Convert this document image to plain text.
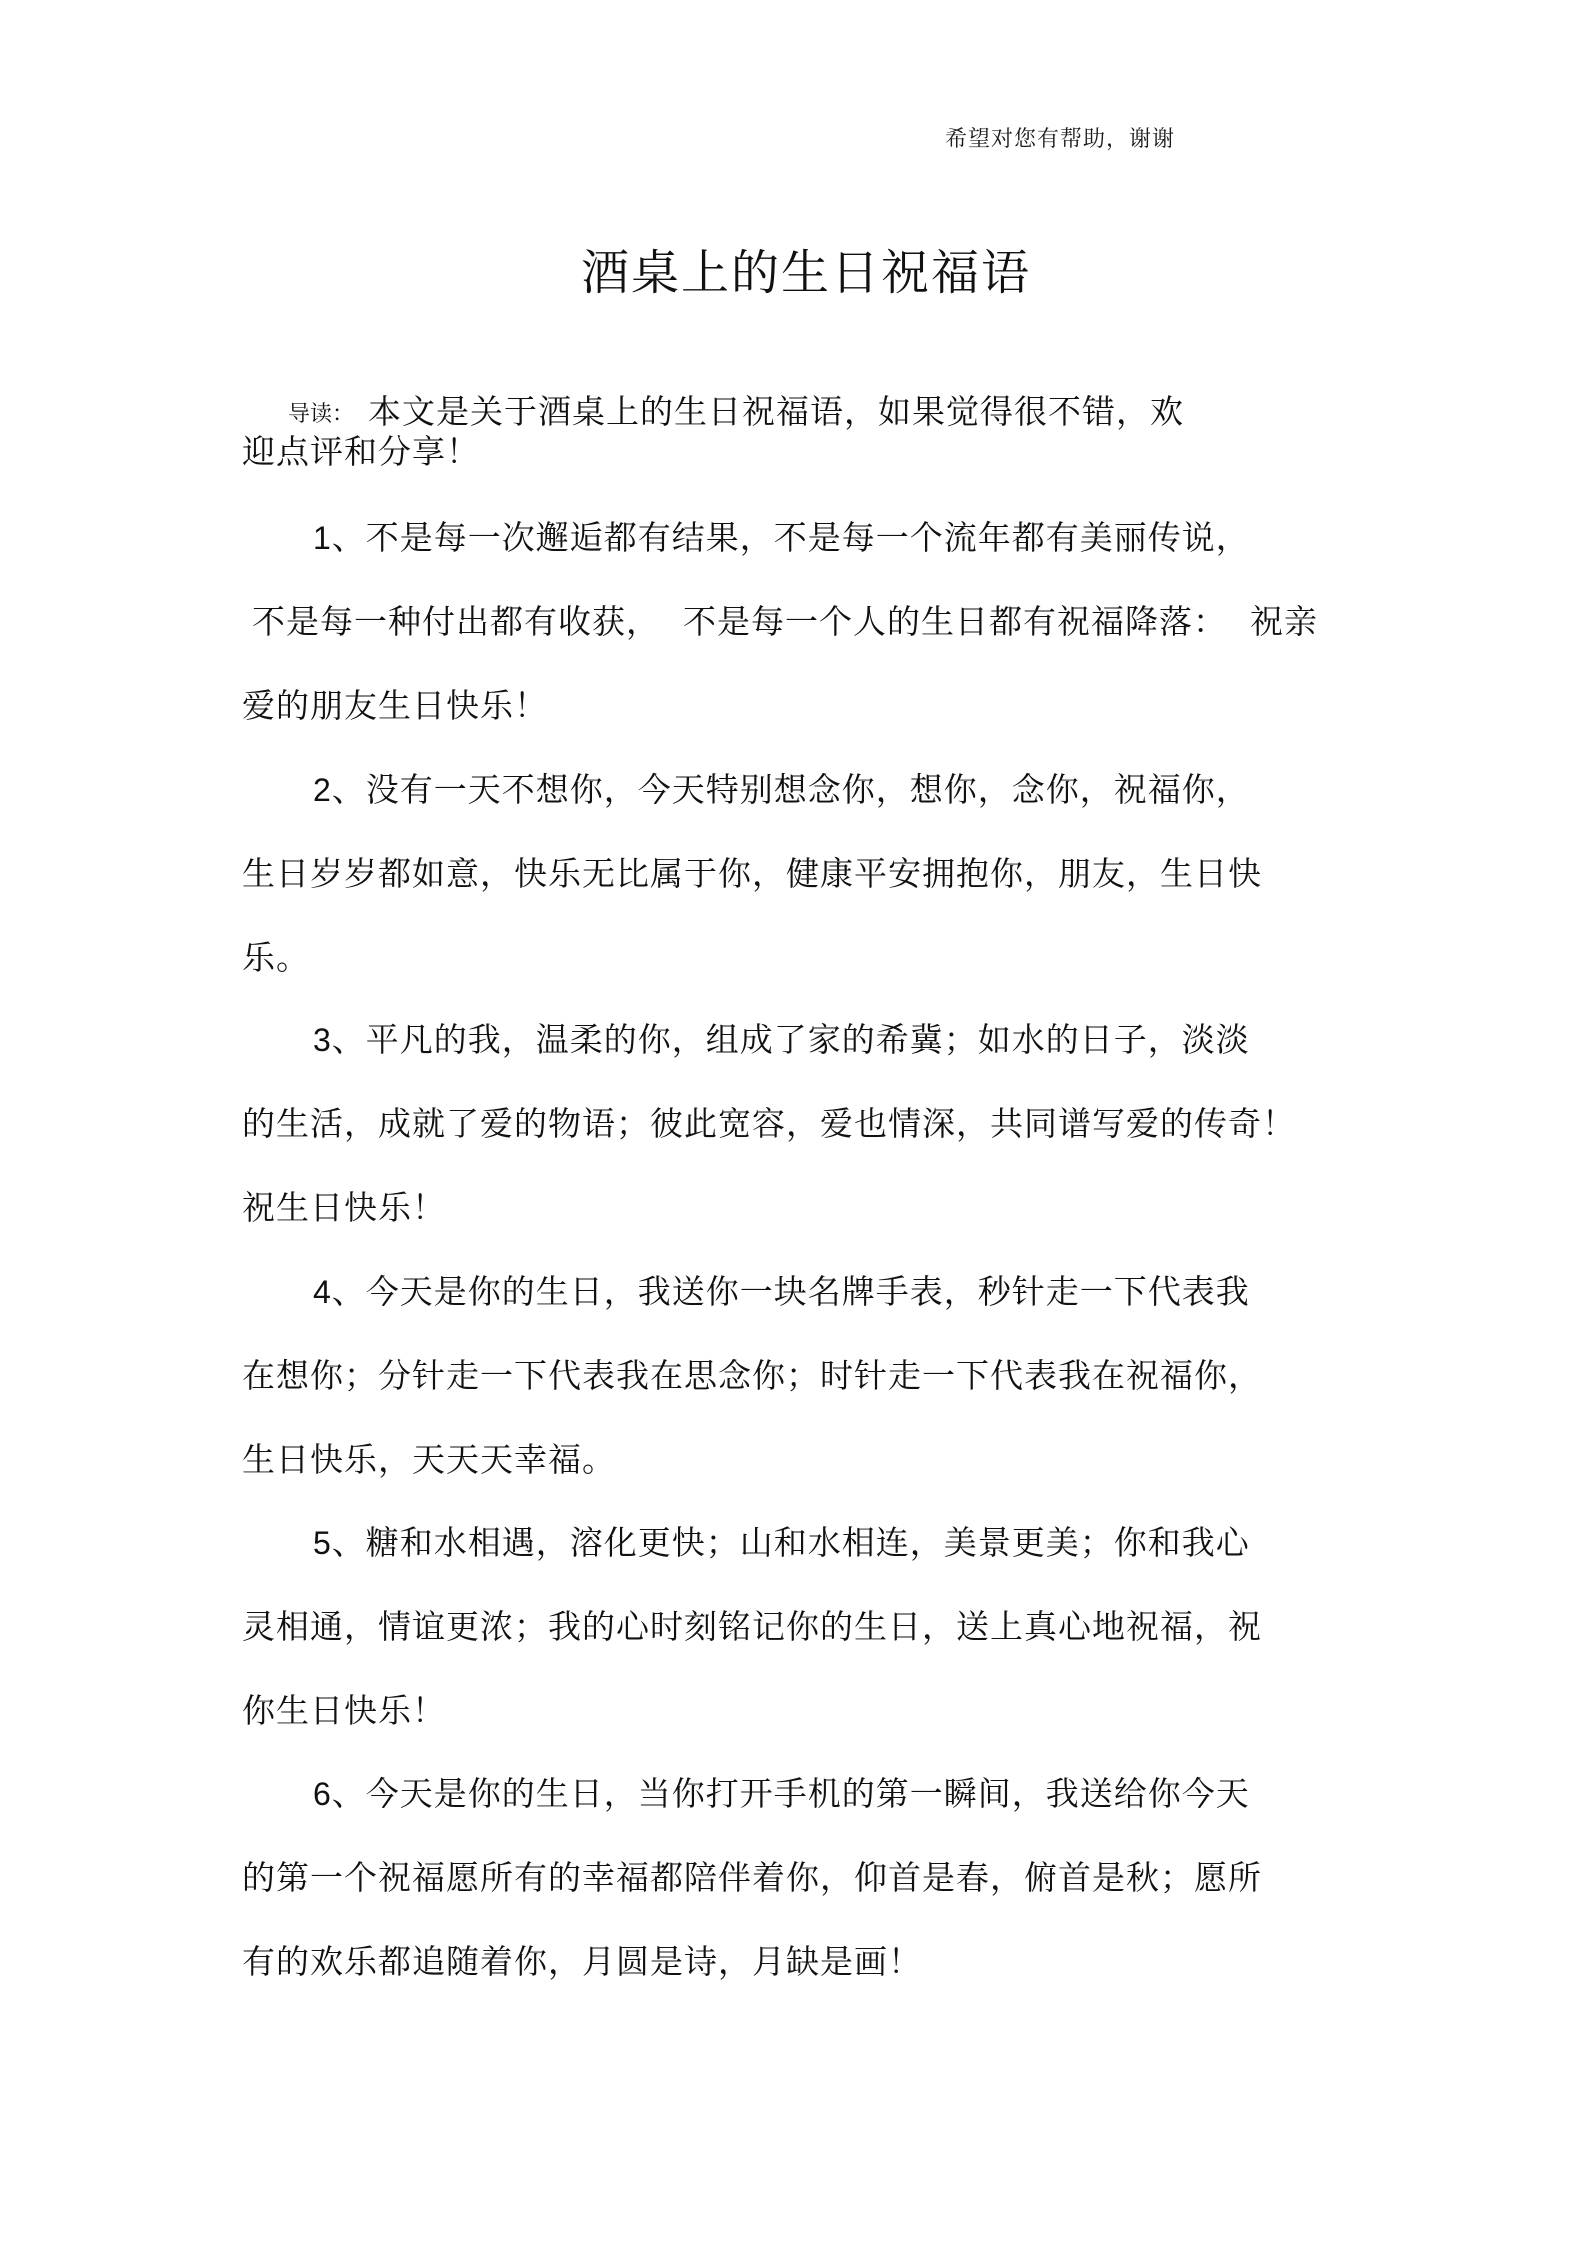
希望对您有帮助，谢谢
酒桌上的生日祝福语

导读： 本文是关于酒桌上的生日祝福语，如果觉得很不错，欢

迎点评和分享！
1、不是每一次邂逅都有结果，不是每一个流年都有美丽传说，
不是每一种付出都有收获，  不是每一个人的生日都有祝福降落：  祝亲
爱的朋友生日快乐！
2、没有一天不想你，今天特别想念你，想你，念你，祝福你，
生日岁岁都如意，快乐无比属于你，健康平安拥抱你，朋友，生日快
乐。
3、平凡的我，温柔的你，组成了家的希冀；如水的日子，淡淡
的生活，成就了爱的物语；彼此宽容，爱也情深，共同谱写爱的传奇！
祝生日快乐！
4、今天是你的生日，我送你一块名牌手表，秒针走一下代表我
在想你；分针走一下代表我在思念你；时针走一下代表我在祝福你，
生日快乐，天天天幸福。
5、糖和水相遇，溶化更快；山和水相连，美景更美；你和我心
灵相通，情谊更浓；我的心时刻铭记你的生日，送上真心地祝福，祝
你生日快乐！
6、今天是你的生日，当你打开手机的第一瞬间，我送给你今天
的第一个祝福愿所有的幸福都陪伴着你，仰首是春，俯首是秋；愿所
有的欢乐都追随着你，月圆是诗，月缺是画！
